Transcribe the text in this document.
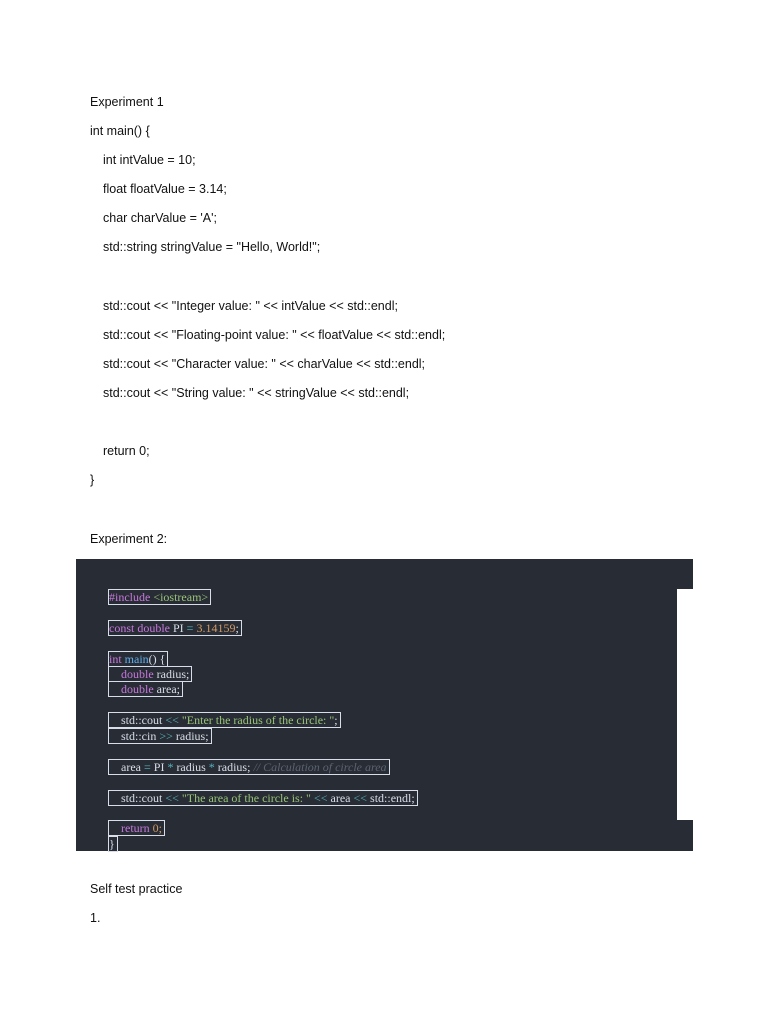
Experiment 1
int main() {
int intValue = 10;
float floatValue = 3.14;
char charValue = 'A';
std::string stringValue = "Hello, World!";
std::cout << "Integer value: " << intValue << std::endl;
std::cout << "Floating-point value: " << floatValue << std::endl;
std::cout << "Character value: " << charValue << std::endl;
std::cout << "String value: " << stringValue << std::endl;
return 0;
}
Experiment 2:

#include <iostream>

const double PI = 3.14159;

int main() {

double radius;

double area;

std::cout << "Enter the radius of the circle: ";

std::cin >> radius;

area = PI * radius * radius; // Calculation of circle area

std::cout << "The area of the circle is: " << area << std::endl;

return 0;

}

Self test practice
1.
